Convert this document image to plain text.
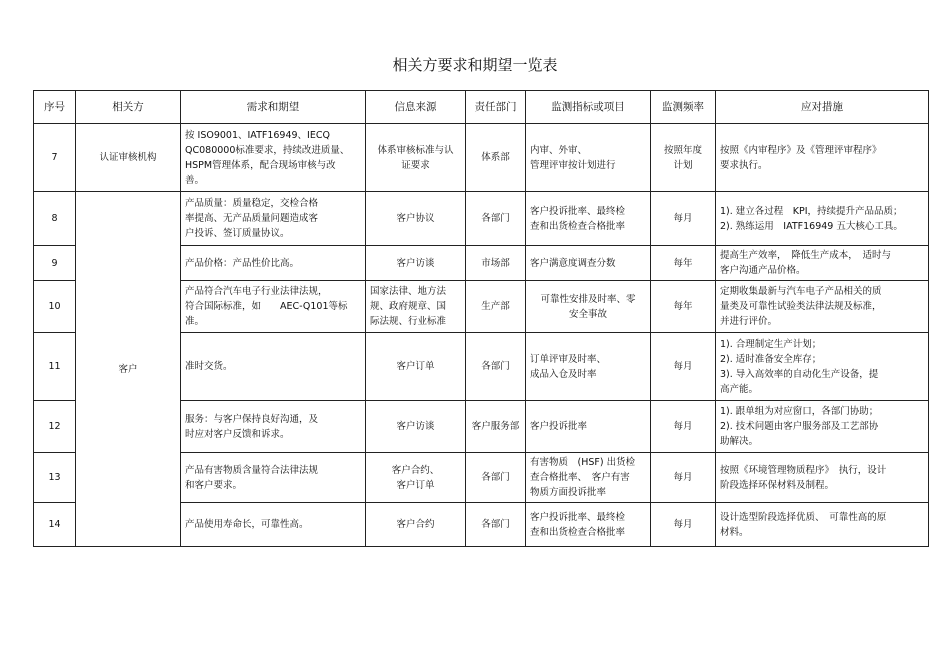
相关方要求和期望一览表
序号	相关方	需求和期望	信息来源	责任部门	监测指标或项目	监测频率	应对措施
7	认证审核机构	按 ISO9001、IATF16949、IECQ
QC080000标准要求，持续改进质量、
HSPM管理体系，配合现场审核与改
善。	体系审核标准与认
证要求	体系部	内审、外审、
管理评审按计划进行	按照年度
计划	按照《内审程序》及《管理评审程序》
要求执行。

8	客户	产品质量：质量稳定，交检合格
率提高、无产品质量问题造成客
户投诉、签订质量协议。	客户协议	各部门	客户投诉批率、最终检
查和出货检查合格批率	每月	1). 建立各过程　KPI，持续提升产品品质；
2). 熟练运用　IATF16949 五大核心工具。

9		产品价格：产品性价比高。	客户访谈	市场部	客户满意度调查分数	每年	提高生产效率，　降低生产成本，　适时与
客户沟通产品价格。

10		产品符合汽车电子行业法律法规，
符合国际标准，如　　AEC-Q101等标
准。	国家法律、地方法
规、政府规章、国
际法规、行业标准	生产部	可靠性安排及时率、零
安全事故	每年	定期收集最新与汽车电子产品相关的质
量类及可靠性试验类法律法规及标准，
并进行评价。

11		准时交货。	客户订单	各部门	订单评审及时率、
成品入仓及时率	每月	1). 合理制定生产计划；
2). 适时准备安全库存；
3). 导入高效率的自动化生产设备，提
高产能。

12		服务：与客户保持良好沟通，及
时应对客户反馈和诉求。	客户访谈	客户服务部	客户投诉批率	每月	1). 跟单组为对应窗口，各部门协助；
2). 技术问题由客户服务部及工艺部协
助解决。

13		产品有害物质含量符合法律法规
和客户要求。	客户合约、
客户订单	各部门	有害物质　(HSF) 出货检
查合格批率、　客户有害
物质方面投诉批率	每月	按照《环境管理物质程序》　执行，设计
阶段选择环保材料及制程。

14		产品使用寿命长，可靠性高。	客户合约	各部门	客户投诉批率、最终检
查和出货检查合格批率	每月	设计选型阶段选择优质、　可靠性高的原
材料。
